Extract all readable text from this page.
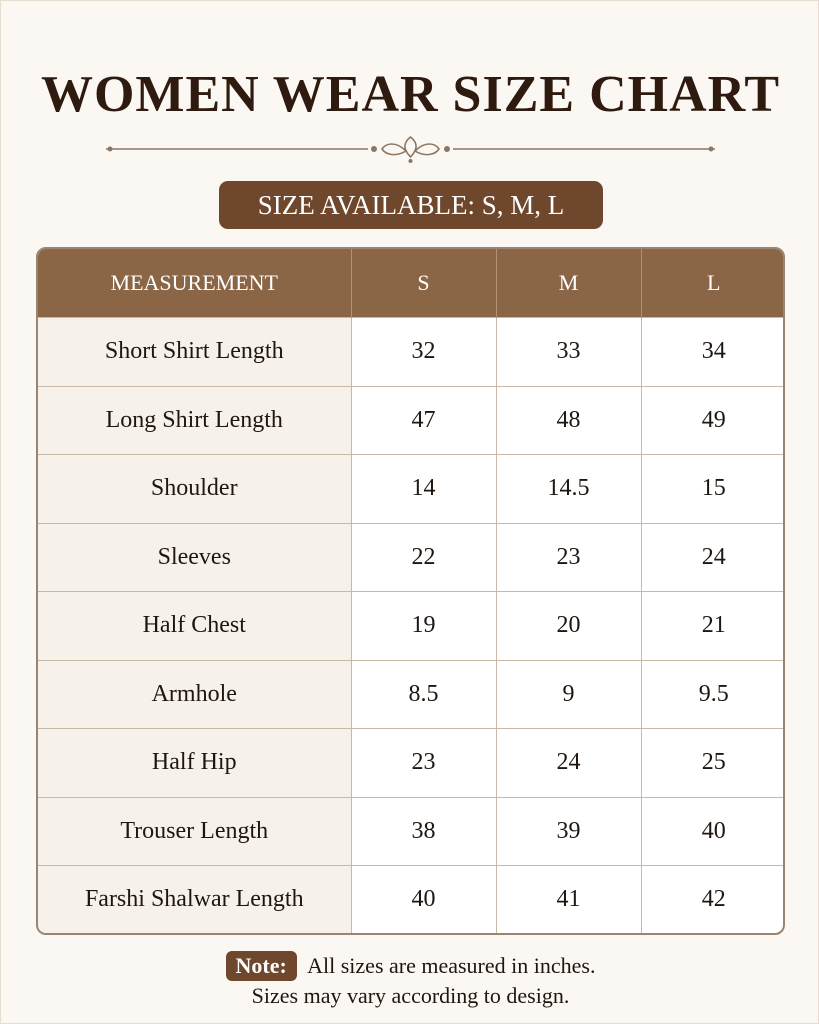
WOMEN WEAR SIZE CHART
SIZE AVAILABLE: S, M, L
MEASUREMENT	S	M	L
Short Shirt Length	32	33	34
Long Shirt Length	47	48	49
Shoulder	14	14.5	15
Sleeves	22	23	24
Half Chest	19	20	21
Armhole	8.5	9	9.5
Half Hip	23	24	25
Trouser Length	38	39	40
Farshi Shalwar Length	40	41	42
Note: All sizes are measured in inches.
Sizes may vary according to design.
